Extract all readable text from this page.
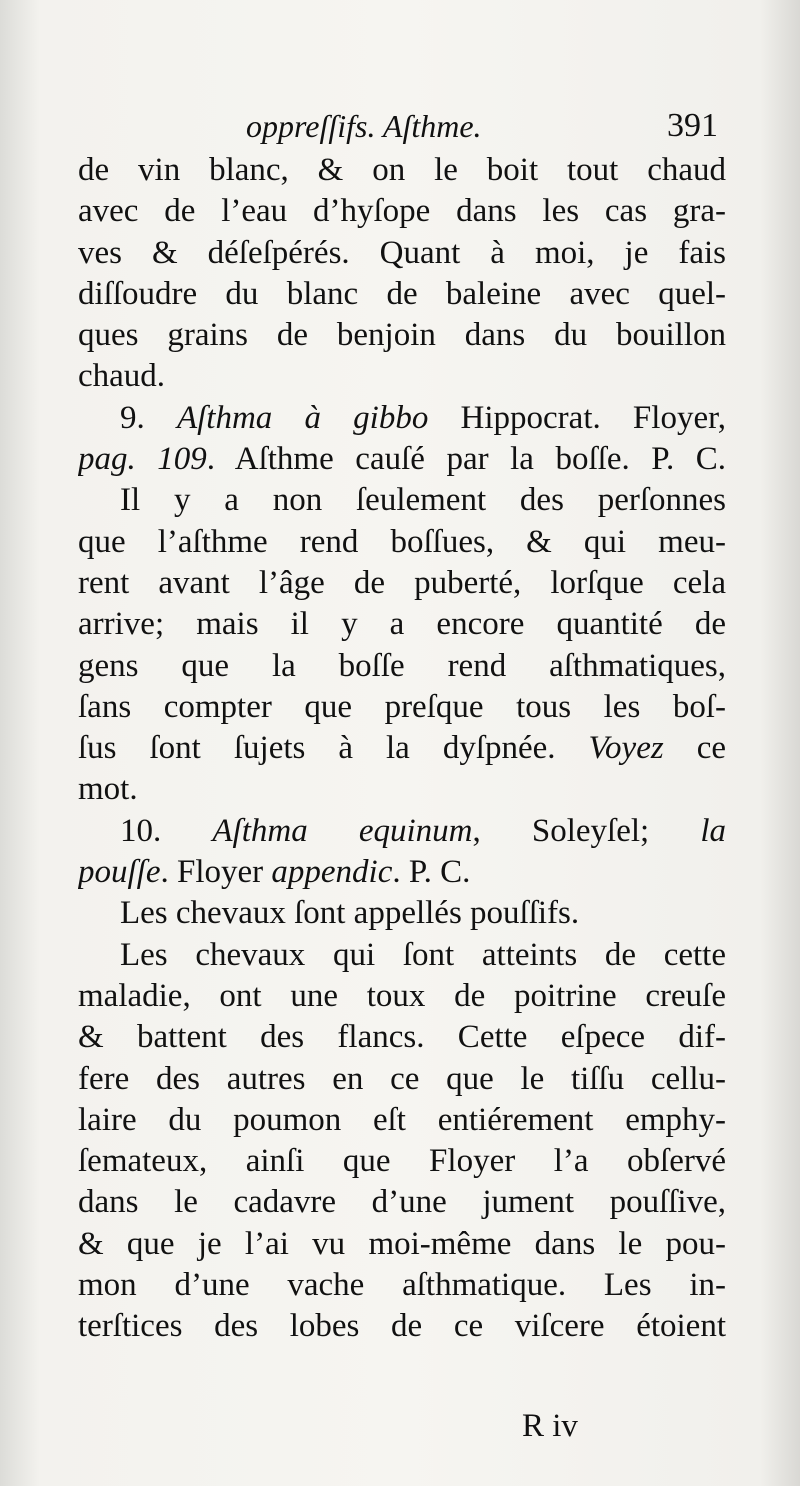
oppreſſifs. Aſthme.	391
de vin blanc, & on le boit tout chaud
avec de l’eau d’hyſope dans les cas gra-
ves & déſeſpérés. Quant à moi, je fais
diſſoudre du blanc de baleine avec quel-
ques grains de benjoin dans du bouillon
chaud.
9. Aſthma à gibbo Hippocrat. Floyer,
pag. 109. Aſthme cauſé par la boſſe. P. C.
Il y a non ſeulement des perſonnes
que l’aſthme rend boſſues, & qui meu-
rent avant l’âge de puberté, lorſque cela
arrive; mais il y a encore quantité de
gens que la boſſe rend aſthmatiques,
ſans compter que preſque tous les boſ-
ſus ſont ſujets à la dyſpnée. Voyez ce
mot.
10. Aſthma equinum, Soleyſel; la
pouſſe. Floyer appendic. P. C.
Les chevaux ſont appellés pouſſifs.
Les chevaux qui ſont atteints de cette
maladie, ont une toux de poitrine creuſe
& battent des flancs. Cette eſpece dif-
fere des autres en ce que le tiſſu cellu-
laire du poumon eſt entiérement emphy-
ſemateux, ainſi que Floyer l’a obſervé
dans le cadavre d’une jument pouſſive,
& que je l’ai vu moi-même dans le pou-
mon d’une vache aſthmatique. Les in-
terſtices des lobes de ce viſcere étoient
R iv
